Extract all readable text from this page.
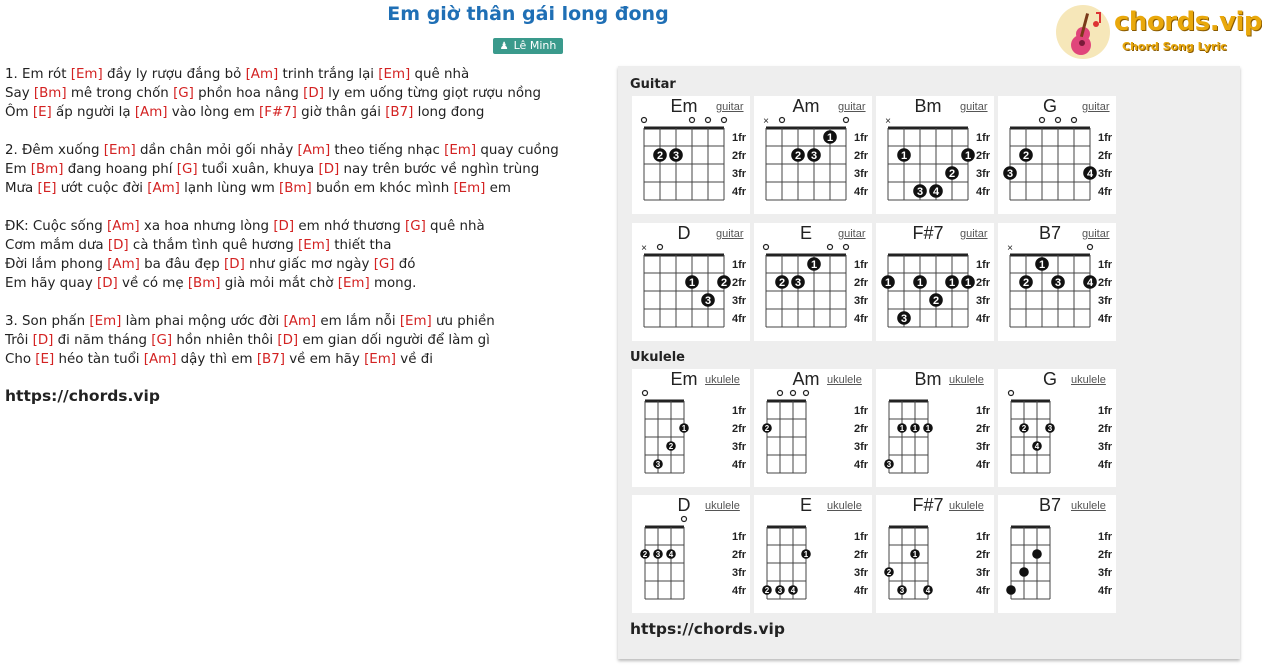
Em giờ thân gái long đong
♟ Lê Minh
chords.vip
Chord Song Lyric
1. Em rót [Em] đầy ly rượu đắng bỏ [Am] trinh trắng lại [Em] quê nhà
Say [Bm] mê trong chốn [G] phồn hoa nâng [D] ly em uống từng giọt rượu nồng
Ôm [E] ấp người lạ [Am] vào lòng em [F#7] giờ thân gái [B7] long đong
2. Đêm xuống [Em] dần chân mỏi gối nhảy [Am] theo tiếng nhạc [Em] quay cuồng
Em [Bm] đang hoang phí [G] tuổi xuân, khuya [D] nay trên bước về nghìn trùng
Mưa [E] ướt cuộc đời [Am] lạnh lùng wm [Bm] buồn em khóc mình [Em] em
ĐK: Cuộc sống [Am] xa hoa nhưng lòng [D] em nhớ thương [G] quê nhà
Cơm mắm dưa [D] cà thắm tình quê hương [Em] thiết tha
Đời lắm phong [Am] ba đâu đẹp [D] như giấc mơ ngày [G] đó
Em hãy quay [D] về có mẹ [Bm] già mỏi mắt chờ [Em] mong.
3. Son phấn [Em] làm phai mộng ước đời [Am] em lắm nỗi [Em] ưu phiền
Trôi [D] đi năm tháng [G] hồn nhiên thôi [D] em gian dối người để làm gì
Cho [E] héo tàn tuổi [Am] dậy thì em [B7] về em hãy [Em] về đi
https://chords.vip
Guitar
Ukulele
https://chords.vip
1fr
2fr
3fr
4fr
2 3
Em	guitar
1fr
2fr
3fr
4fr
×
2 3
1
Am	guitar
1fr
2fr
3fr
4fr
×
1	1
2
3 4
Bm	guitar
1fr
2fr
3fr
4fr
2
3	4
G	guitar
1fr
2fr
3fr
4fr
×
1 2
3
D	guitar
1fr
2fr
3fr
4fr
2 3
1
E	guitar
1fr
2fr
3fr
4fr
1 1 1 1
2
3
F#7	guitar
1fr
2fr
3fr
4fr
×
1
2 3 4
B7	guitar
1fr
2fr
3fr
4fr
1
2
3
Em ukulele
1fr
2fr
3fr
4fr
2
Am ukulele
1fr
2fr
3fr
4fr
1 1 1
3
Bm ukulele
1fr
2fr
3fr
4fr
2	3
4
G	ukulele
1fr
2fr
3fr
4fr
2 3 4
D	ukulele
1fr
2fr
3fr
4fr
1
2 3 4
E	ukulele
1fr
2fr
3fr
4fr
1
2
3	4
F#7 ukulele
1fr
2fr
3fr
4fr
B7 ukulele
